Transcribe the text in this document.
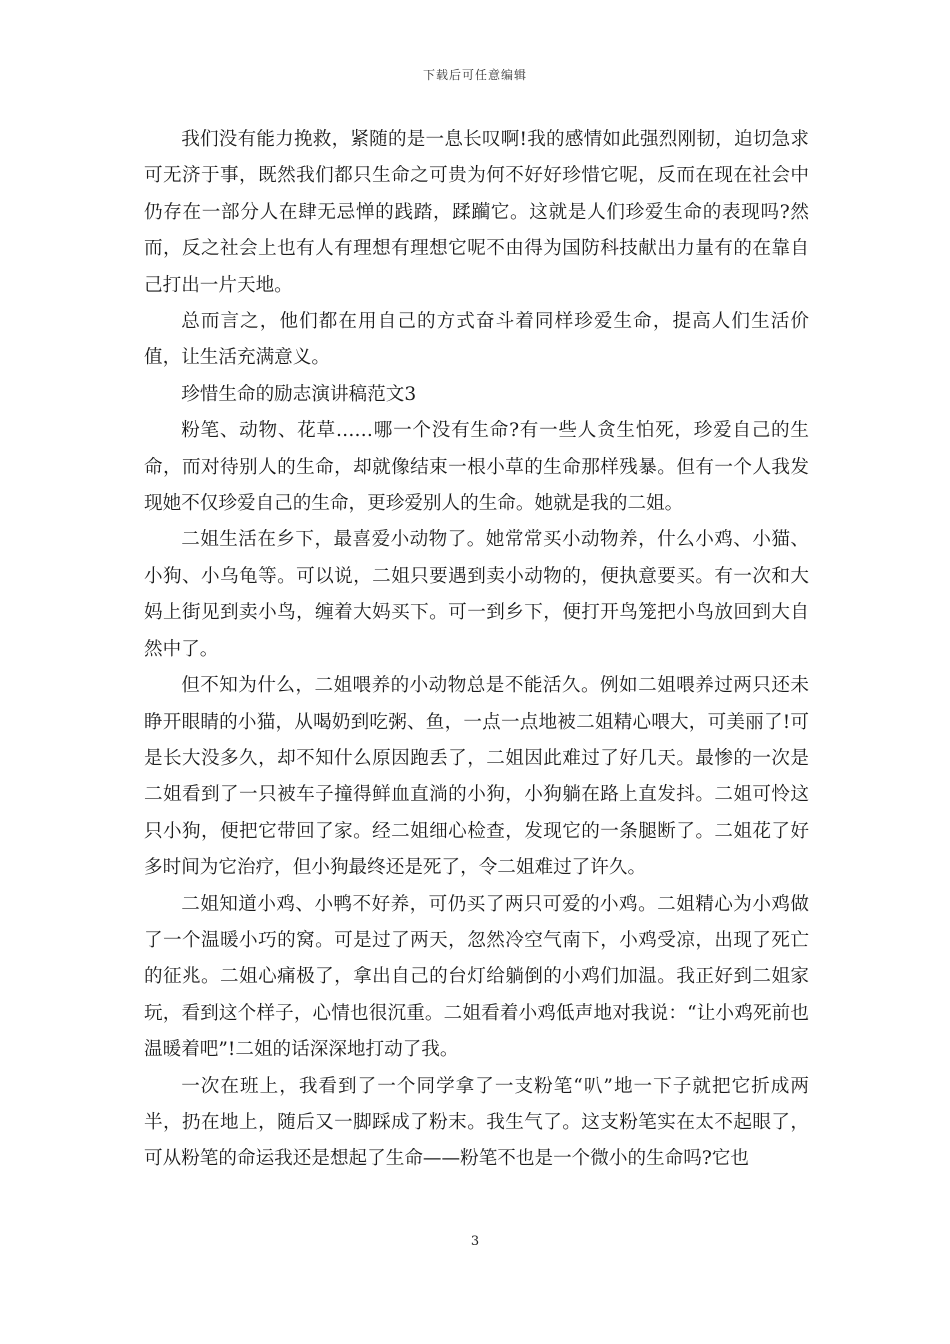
下载后可任意编辑

我们没有能力挽救，紧随的是一息长叹啊!我的感情如此强烈刚韧，迫切急求可无济于事，既然我们都只生命之可贵为何不好好珍惜它呢，反而在现在社会中仍存在一部分人在肆无忌惮的践踏，蹂躏它。这就是人们珍爱生命的表现吗?然而，反之社会上也有人有理想有理想它呢不由得为国防科技献出力量有的在靠自己打出一片天地。

总而言之，他们都在用自己的方式奋斗着同样珍爱生命，提高人们生活价值，让生活充满意义。

珍惜生命的励志演讲稿范文3

粉笔、动物、花草……哪一个没有生命?有一些人贪生怕死，珍爱自己的生命，而对待别人的生命，却就像结束一根小草的生命那样残暴。但有一个人我发现她不仅珍爱自己的生命，更珍爱别人的生命。她就是我的二姐。

二姐生活在乡下，最喜爱小动物了。她常常买小动物养，什么小鸡、小猫、小狗、小乌龟等。可以说，二姐只要遇到卖小动物的，便执意要买。有一次和大妈上街见到卖小鸟，缠着大妈买下。可一到乡下，便打开鸟笼把小鸟放回到大自然中了。

但不知为什么，二姐喂养的小动物总是不能活久。例如二姐喂养过两只还未睁开眼睛的小猫，从喝奶到吃粥、鱼，一点一点地被二姐精心喂大，可美丽了!可是长大没多久，却不知什么原因跑丢了，二姐因此难过了好几天。最惨的一次是二姐看到了一只被车子撞得鲜血直淌的小狗，小狗躺在路上直发抖。二姐可怜这只小狗，便把它带回了家。经二姐细心检查，发现它的一条腿断了。二姐花了好多时间为它治疗，但小狗最终还是死了，令二姐难过了许久。

二姐知道小鸡、小鸭不好养，可仍买了两只可爱的小鸡。二姐精心为小鸡做了一个温暖小巧的窝。可是过了两天，忽然冷空气南下，小鸡受凉，出现了死亡的征兆。二姐心痛极了，拿出自己的台灯给躺倒的小鸡们加温。我正好到二姐家玩，看到这个样子，心情也很沉重。二姐看着小鸡低声地对我说：“让小鸡死前也温暖着吧”!二姐的话深深地打动了我。

一次在班上，我看到了一个同学拿了一支粉笔“叭”地一下子就把它折成两半，扔在地上，随后又一脚踩成了粉末。我生气了。这支粉笔实在太不起眼了，可从粉笔的命运我还是想起了生命——粉笔不也是一个微小的生命吗?它也

3
